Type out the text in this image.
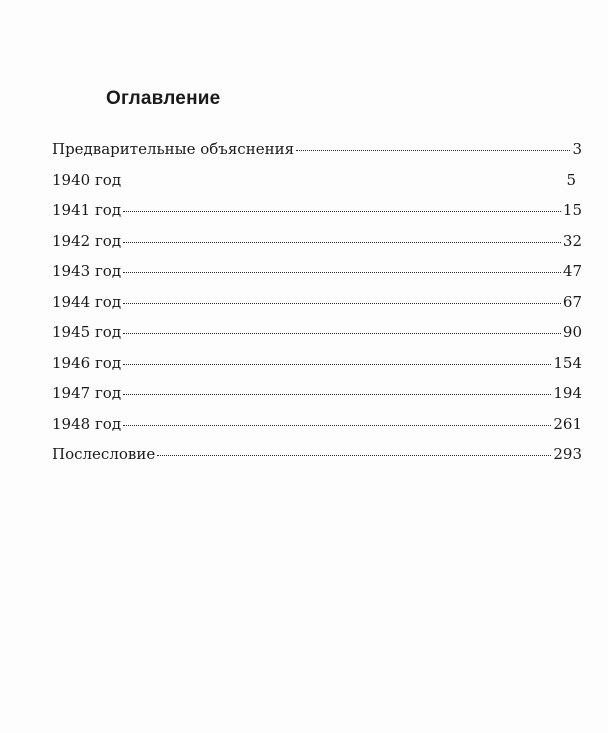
Оглавление
Предварительные объяснения	3
1940 год	5
1941 год	15
1942 год	32
1943 год	47
1944 год	67
1945 год	90
1946 год	154
1947 год	194
1948 год	261
Послесловие	293
